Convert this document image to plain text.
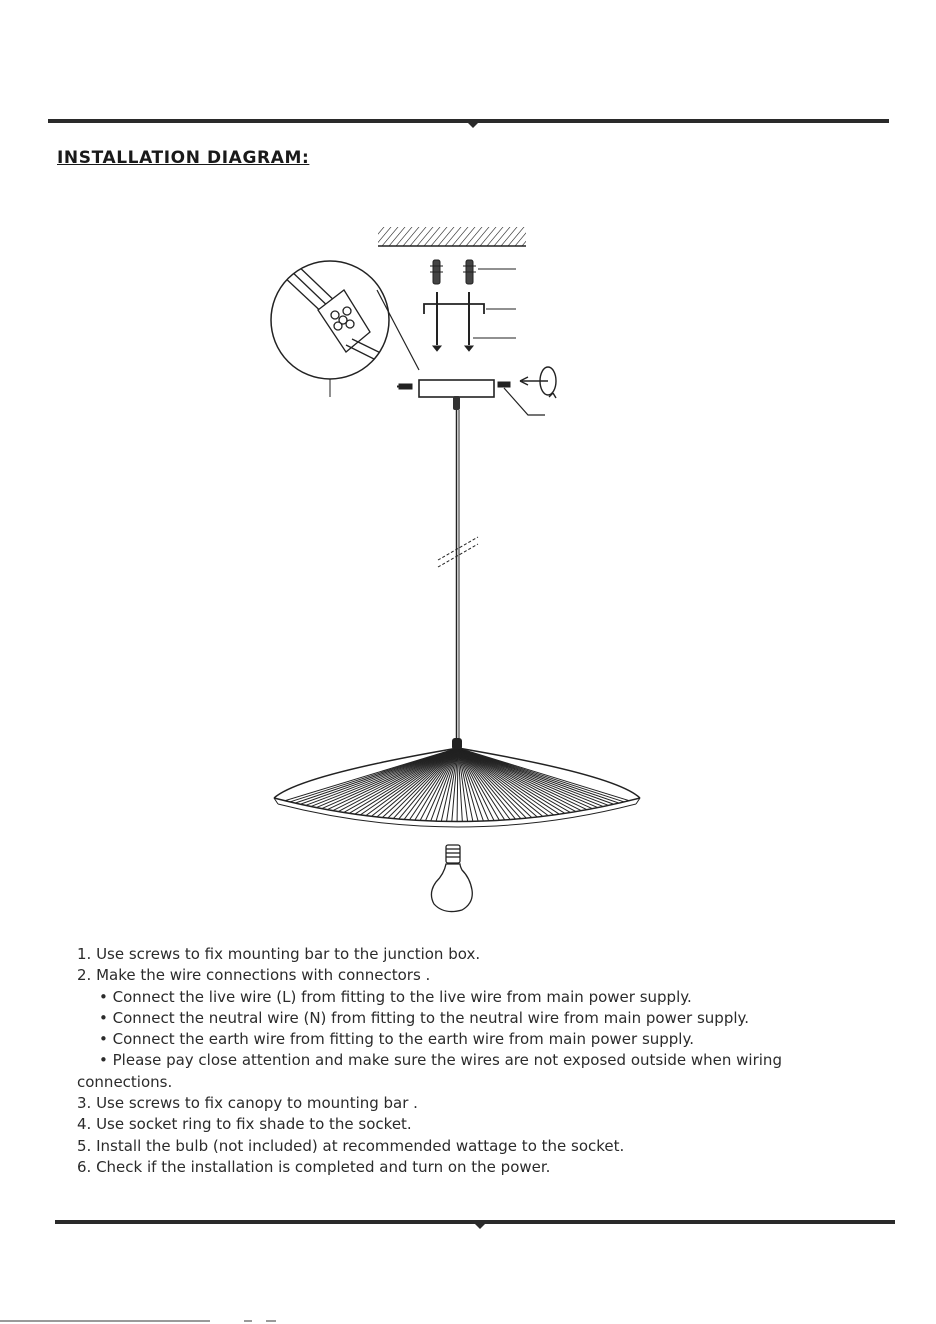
INSTALLATION DIAGRAM:
1. Use screws to fix mounting bar to the junction box.
2. Make the wire connections with connectors .
• Connect the live wire (L) from fitting to the live wire from main power supply.
• Connect the neutral wire (N) from fitting to the neutral wire from main power supply.
• Connect the earth wire from fitting to the earth wire from main power supply.
• Please pay close attention and make sure the wires are not exposed outside when wiring
connections.
3. Use screws to fix canopy to mounting bar .
4. Use socket ring to fix shade to the socket.
5. Install the bulb (not included) at recommended wattage to the socket.
6. Check if the installation is completed and turn on the power.
